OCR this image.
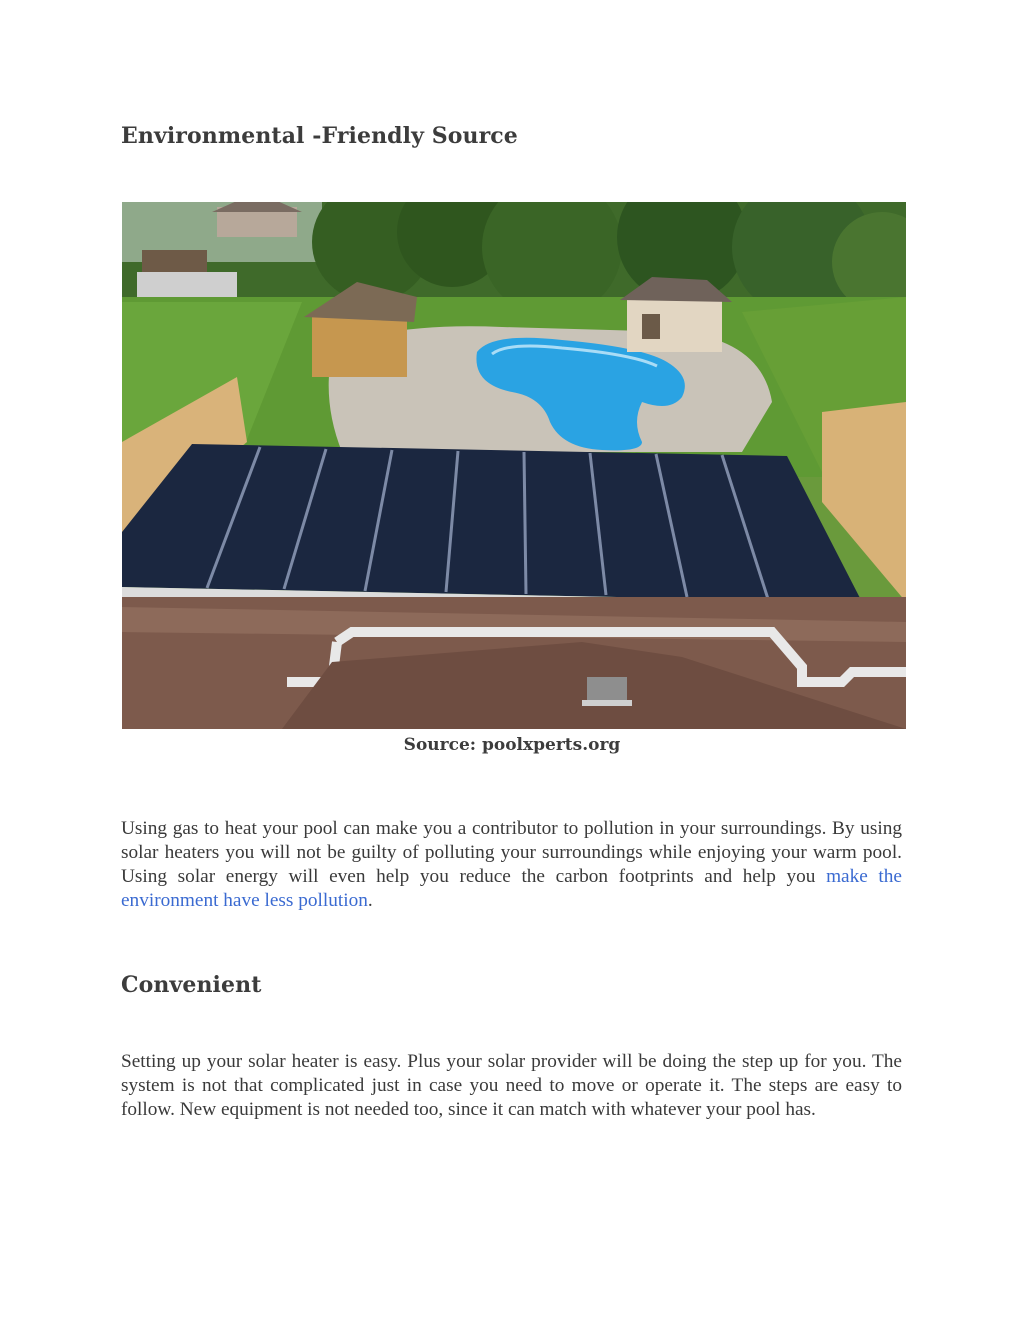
Environmental -Friendly Source
Source: poolxperts.org

Using gas to heat your pool can make you a contributor to pollution in your surroundings. By using solar heaters you will not be guilty of polluting your surroundings while enjoying your warm pool. Using solar energy will even help you reduce the carbon footprints and help you make the environment have less pollution.

Convenient

Setting up your solar heater is easy. Plus your solar provider will be doing the step up for you. The system is not that complicated just in case you need to move or operate it. The steps are easy to follow. New equipment is not needed too, since it can match with whatever your pool has.
